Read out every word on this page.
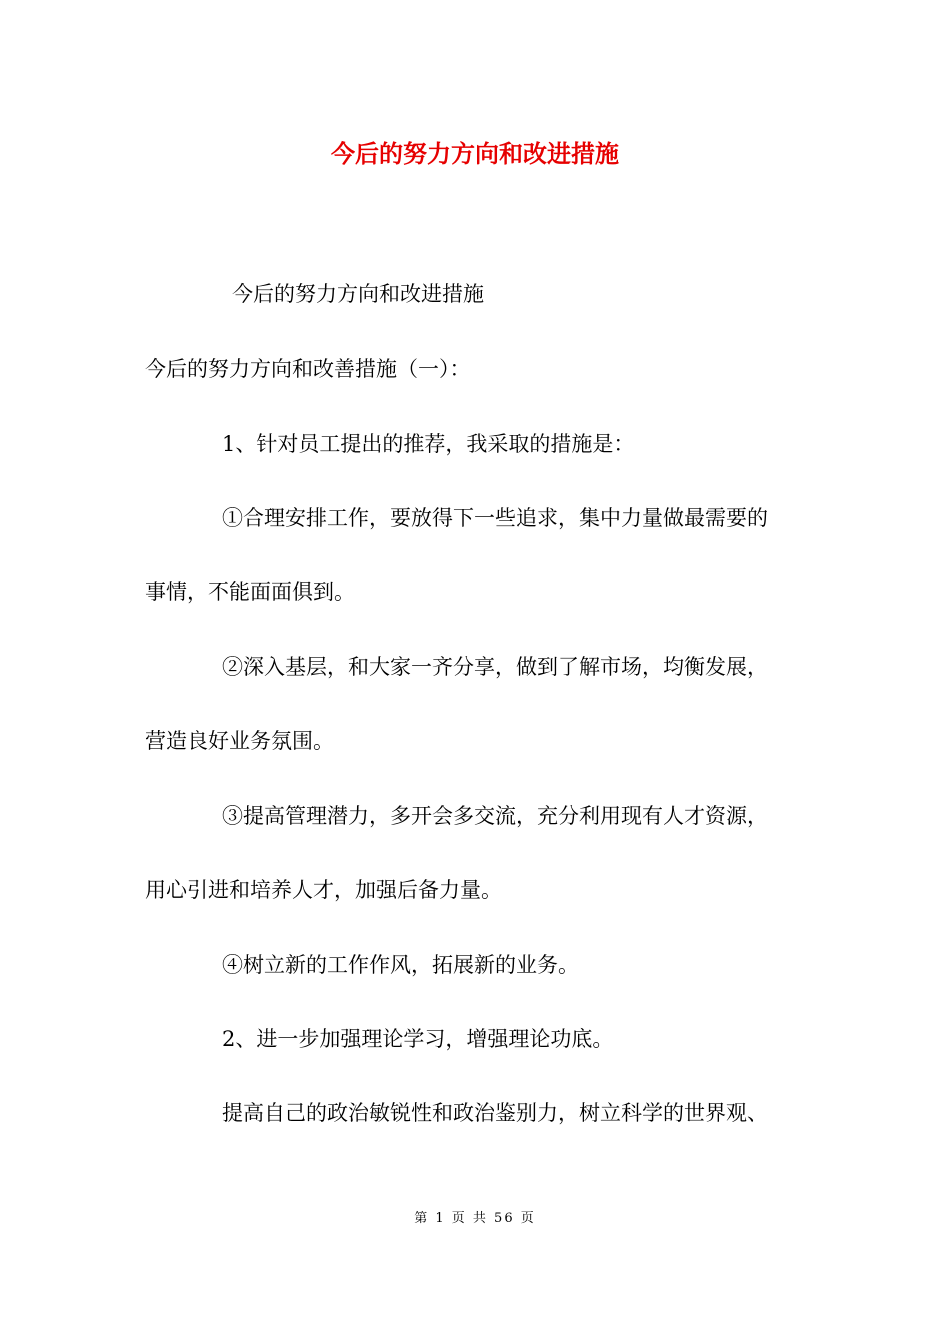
今后的努力方向和改进措施
今后的努力方向和改进措施
今后的努力方向和改善措施（一）：
1、针对员工提出的推荐，我采取的措施是：
①合理安排工作，要放得下一些追求，集中力量做最需要的
事情，不能面面俱到。
②深入基层，和大家一齐分享，做到了解市场，均衡发展，
营造良好业务氛围。
③提高管理潜力，多开会多交流，充分利用现有人才资源，
用心引进和培养人才，加强后备力量。
④树立新的工作作风，拓展新的业务。
2、进一步加强理论学习，增强理论功底。
提高自己的政治敏锐性和政治鉴别力，树立科学的世界观、
第 1 页 共 56 页
